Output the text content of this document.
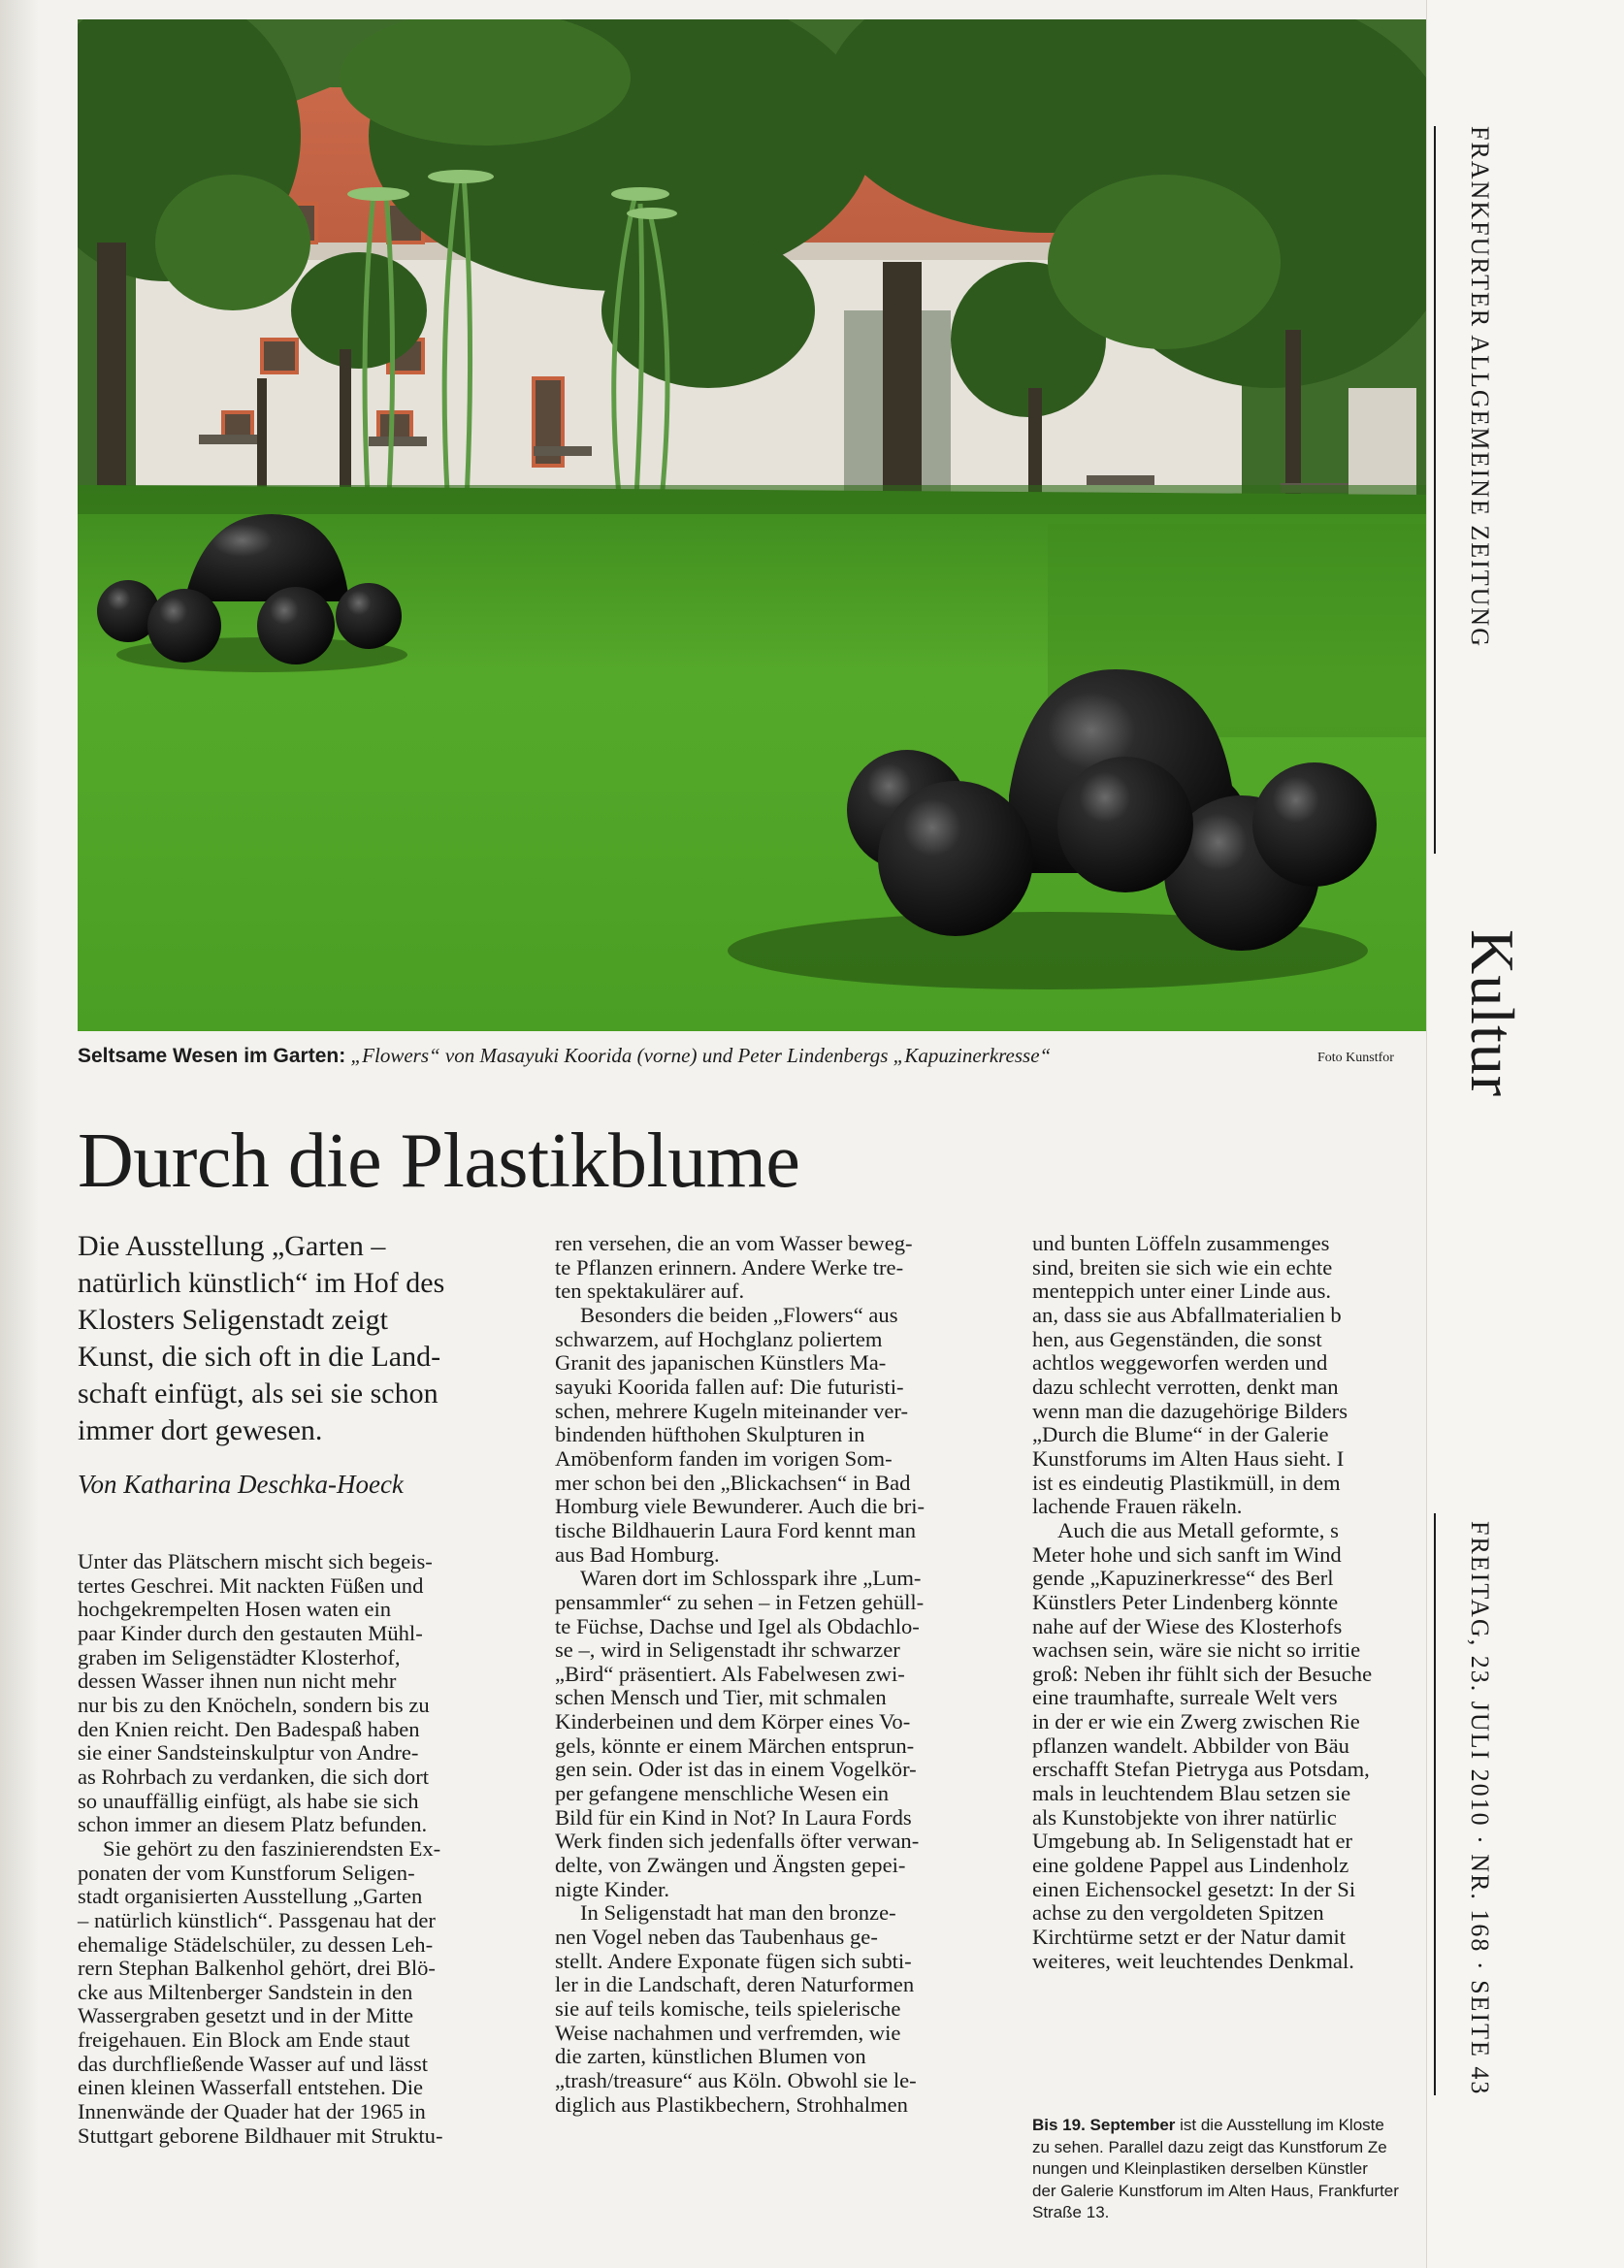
FRANKFURTER ALLGEMEINE ZEITUNG
Kultur
FREITAG, 23. JULI 2010 · NR. 168 · SEITE 43
Seltsame Wesen im Garten: „Flowers“ von Masayuki Koorida (vorne) und Peter Lindenbergs „Kapuzinerkresse“	Foto Kunstfor
Durch die Plastikblume

Die Ausstellung „Garten –

natürlich künstlich“ im Hof des

Klosters Seligenstadt zeigt

Kunst, die sich oft in die Land-

schaft einfügt, als sei sie schon

immer dort gewesen.

Von Katharina Deschka-Hoeck

Unter das Plätschern mischt sich begeis-

tertes Geschrei. Mit nackten Füßen und

hochgekrempelten Hosen waten ein

paar Kinder durch den gestauten Mühl-

graben im Seligenstädter Klosterhof,

dessen Wasser ihnen nun nicht mehr

nur bis zu den Knöcheln, sondern bis zu

den Knien reicht. Den Badespaß haben

sie einer Sandsteinskulptur von Andre-

as Rohrbach zu verdanken, die sich dort

so unauffällig einfügt, als habe sie sich

schon immer an diesem Platz befunden.

Sie gehört zu den faszinierendsten Ex-

ponaten der vom Kunstforum Seligen-

stadt organisierten Ausstellung „Garten

– natürlich künstlich“. Passgenau hat der

ehemalige Städelschüler, zu dessen Leh-

rern Stephan Balkenhol gehört, drei Blö-

cke aus Miltenberger Sandstein in den

Wassergraben gesetzt und in der Mitte

freigehauen. Ein Block am Ende staut

das durchfließende Wasser auf und lässt

einen kleinen Wasserfall entstehen. Die

Innenwände der Quader hat der 1965 in

Stuttgart geborene Bildhauer mit Struktu-

ren versehen, die an vom Wasser beweg-

te Pflanzen erinnern. Andere Werke tre-

ten spektakulärer auf.

Besonders die beiden „Flowers“ aus

schwarzem, auf Hochglanz poliertem

Granit des japanischen Künstlers Ma-

sayuki Koorida fallen auf: Die futuristi-

schen, mehrere Kugeln miteinander ver-

bindenden hüfthohen Skulpturen in

Amöbenform fanden im vorigen Som-

mer schon bei den „Blickachsen“ in Bad

Homburg viele Bewunderer. Auch die bri-

tische Bildhauerin Laura Ford kennt man

aus Bad Homburg.

Waren dort im Schlosspark ihre „Lum-

pensammler“ zu sehen – in Fetzen gehüll-

te Füchse, Dachse und Igel als Obdachlo-

se –, wird in Seligenstadt ihr schwarzer

„Bird“ präsentiert. Als Fabelwesen zwi-

schen Mensch und Tier, mit schmalen

Kinderbeinen und dem Körper eines Vo-

gels, könnte er einem Märchen entsprun-

gen sein. Oder ist das in einem Vogelkör-

per gefangene menschliche Wesen ein

Bild für ein Kind in Not? In Laura Fords

Werk finden sich jedenfalls öfter verwan-

delte, von Zwängen und Ängsten gepei-

nigte Kinder.

In Seligenstadt hat man den bronze-

nen Vogel neben das Taubenhaus ge-

stellt. Andere Exponate fügen sich subti-

ler in die Landschaft, deren Naturformen

sie auf teils komische, teils spielerische

Weise nachahmen und verfremden, wie

die zarten, künstlichen Blumen von

„trash/treasure“ aus Köln. Obwohl sie le-

diglich aus Plastikbechern, Strohhalmen

und bunten Löffeln zusammenges

sind, breiten sie sich wie ein echte

menteppich unter einer Linde aus.

an, dass sie aus Abfallmaterialien b

hen, aus Gegenständen, die sonst

achtlos weggeworfen werden und

dazu schlecht verrotten, denkt man

wenn man die dazugehörige Bilders

„Durch die Blume“ in der Galerie

Kunstforums im Alten Haus sieht. I

ist es eindeutig Plastikmüll, in dem

lachende Frauen räkeln.

Auch die aus Metall geformte, s

Meter hohe und sich sanft im Wind

gende „Kapuzinerkresse“ des Berl

Künstlers Peter Lindenberg könnte

nahe auf der Wiese des Klosterhofs

wachsen sein, wäre sie nicht so irritie

groß: Neben ihr fühlt sich der Besuche

eine traumhafte, surreale Welt vers

in der er wie ein Zwerg zwischen Rie

pflanzen wandelt. Abbilder von Bäu

erschafft Stefan Pietryga aus Potsdam,

mals in leuchtendem Blau setzen sie

als Kunstobjekte von ihrer natürlic

Umgebung ab. In Seligenstadt hat er

eine goldene Pappel aus Lindenholz

einen Eichensockel gesetzt: In der Si

achse zu den vergoldeten Spitzen

Kirchtürme setzt er der Natur damit

weiteres, weit leuchtendes Denkmal.

Bis 19. September ist die Ausstellung im Kloste

zu sehen. Parallel dazu zeigt das Kunstforum Ze

nungen und Kleinplastiken derselben Künstler

der Galerie Kunstforum im Alten Haus, Frankfurter

Straße 13.
